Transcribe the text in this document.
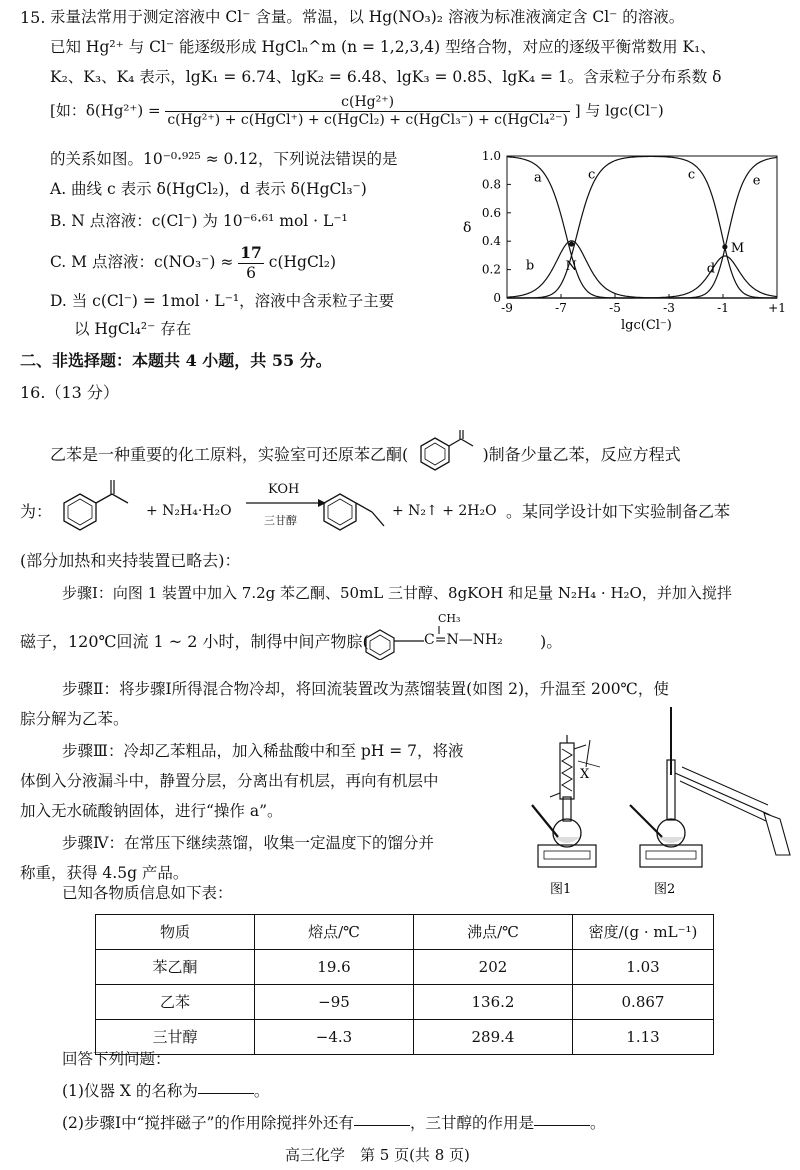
15. 汞量法常用于测定溶液中 Cl⁻ 含量。常温，以 Hg(NO₃)₂ 溶液为标准液滴定含 Cl⁻ 的溶液。
已知 Hg²⁺ 与 Cl⁻ 能逐级形成 HgClₙ^m (n = 1,2,3,4) 型络合物，对应的逐级平衡常数用 K₁、
K₂、K₃、K₄ 表示，lgK₁ = 6.74、lgK₂ = 6.48、lgK₃ = 0.85、lgK₄ = 1。含汞粒子分布系数 δ
[如：$\delta(Hg^{2+}) = \frac{\text{c(Hg²⁺)}}{\text{c(Hg²⁺) + c(HgCl⁺) + c(HgCl₂) + c(HgCl₃⁻) + c(HgCl₄²⁻)}}$ ] 与 lgc(Cl⁻)
的关系如图。10⁻⁰·⁹²⁵ ≈ 0.12，下列说法错误的是
A. 曲线 c 表示 δ(HgCl₂)，d 表示 δ(HgCl₃⁻)
B. N 点溶液：c(Cl⁻) 为 10⁻⁶·⁶¹ mol · L⁻¹
C. M 点溶液：$c(NO_3^-) \approx \frac{17}{6}$ c(HgCl₂)
D. 当 c(Cl⁻) = 1mol · L⁻¹，溶液中含汞粒子主要
以 HgCl₄²⁻ 存在
-9	-7	-5	-3	-1	+1
0
0.2
0.4
0.6
0.8
1.0
a	c	c	e
b	d
N
M
δ
lgc(Cl⁻)
二、非选择题：本题共 4 小题，共 55 分。
16.（13 分）
乙苯是一种重要的化工原料，实验室可还原苯乙酮(	)制备少量乙苯，反应方程式
为：	+ N₂H₄·H₂O
KOH
三甘醇
+ N₂↑ + 2H₂O 。某同学设计如下实验制备乙苯
(部分加热和夹持装置已略去)：
步骤Ⅰ：向图 1 装置中加入 7.2g 苯乙酮、50mL 三甘醇、8gKOH 和足量 N₂H₄ · H₂O，并加入搅拌
磁子，120℃回流 1 ~ 2 小时，制得中间产物腙(
CH₃
C=N—NH₂ )。
步骤Ⅱ：将步骤Ⅰ所得混合物冷却，将回流装置改为蒸馏装置(如图 2)，升温至 200℃，使
腙分解为乙苯。
步骤Ⅲ：冷却乙苯粗品，加入稀盐酸中和至 pH = 7，将液
体倒入分液漏斗中，静置分层，分离出有机层，再向有机层中
加入无水硫酸钠固体，进行“操作 a”。
步骤Ⅳ：在常压下继续蒸馏，收集一定温度下的馏分并
称重，获得 4.5g 产品。
X
图1	图2
已知各物质信息如下表：
物质	熔点/℃	沸点/℃	密度/(g · mL⁻¹)
苯乙酮	19.6	202	1.03
乙苯	−95	136.2	0.867
三甘醇	−4.3	289.4	1.13
回答下列问题：
(1)仪器 X 的名称为	。
(2)步骤Ⅰ中“搅拌磁子”的作用除搅拌外还有	，三甘醇的作用是	。
高三化学　第 5 页(共 8 页)
